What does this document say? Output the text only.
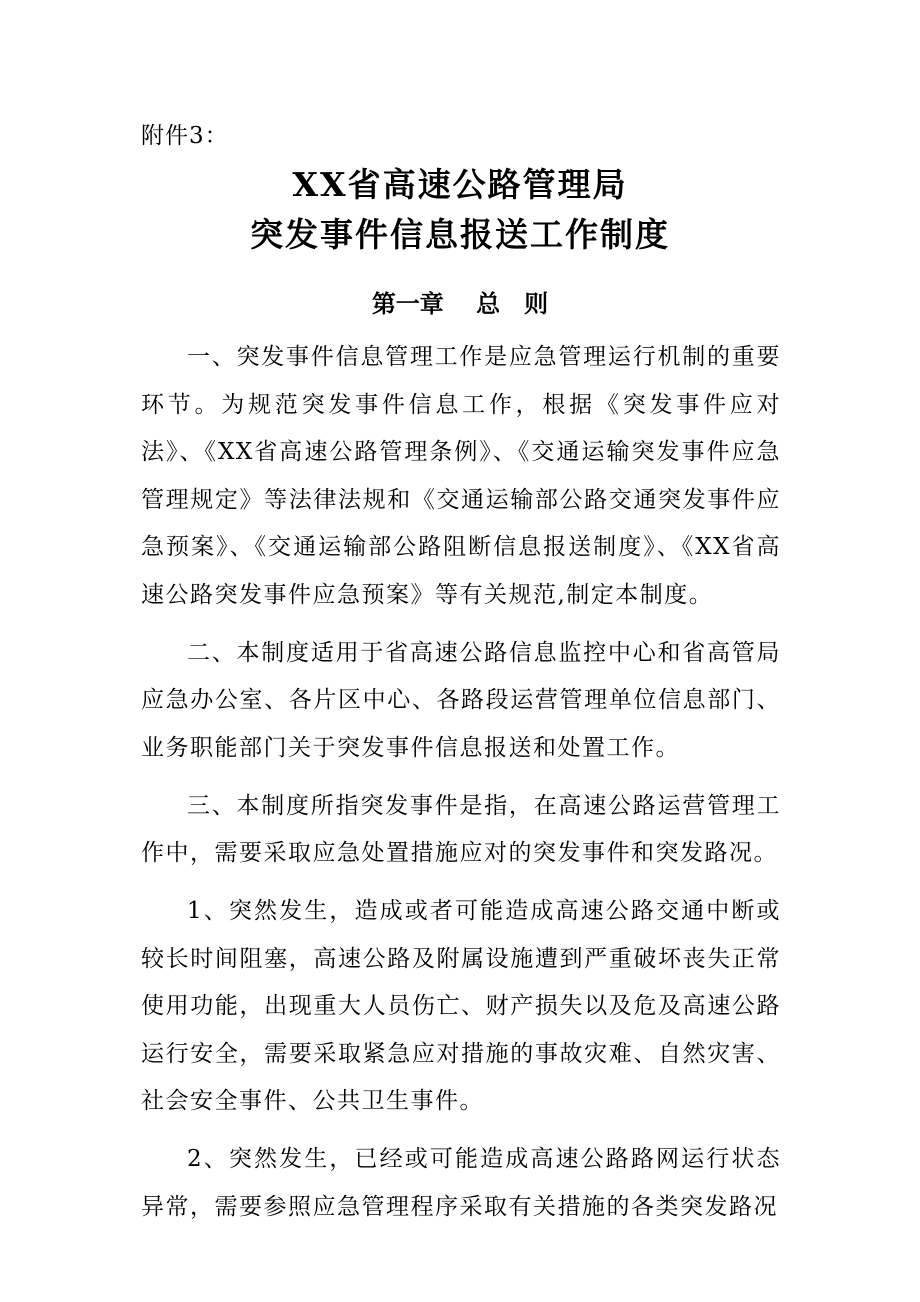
附件3：
XX省高速公路管理局
突发事件信息报送工作制度
第一章　 总　则

一、突发事件信息管理工作是应急管理运行机制的重要环节。为规范突发事件信息工作，根据《突发事件应对法》、《XX省高速公路管理条例》、《交通运输突发事件应急管理规定》等法律法规和《交通运输部公路交通突发事件应急预案》、《交通运输部公路阻断信息报送制度》、《XX省高速公路突发事件应急预案》等有关规范,制定本制度。

二、本制度适用于省高速公路信息监控中心和省高管局应急办公室、各片区中心、各路段运营管理单位信息部门、业务职能部门关于突发事件信息报送和处置工作。

三、本制度所指突发事件是指，在高速公路运营管理工作中，需要采取应急处置措施应对的突发事件和突发路况。

1、突然发生，造成或者可能造成高速公路交通中断或较长时间阻塞，高速公路及附属设施遭到严重破坏丧失正常使用功能，出现重大人员伤亡、财产损失以及危及高速公路运行安全，需要采取紧急应对措施的事故灾难、自然灾害、社会安全事件、公共卫生事件。

2、突然发生，已经或可能造成高速公路路网运行状态异常，需要参照应急管理程序采取有关措施的各类突发路况
